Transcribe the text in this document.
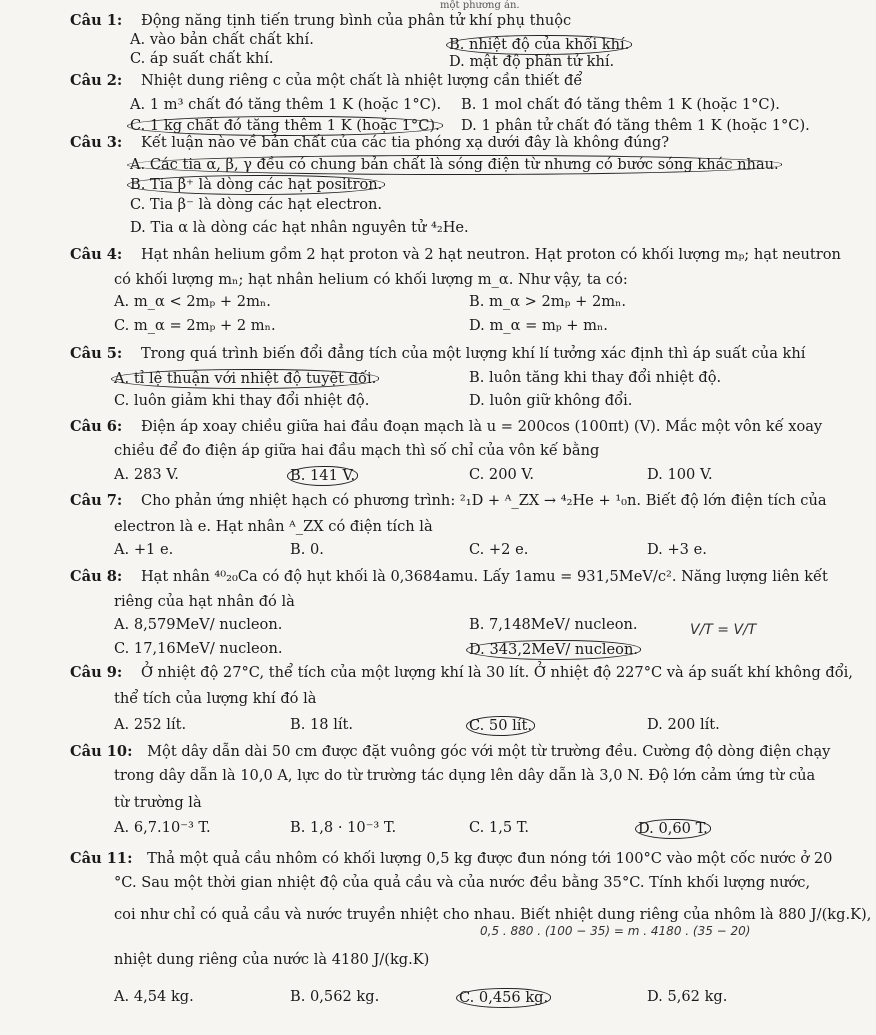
một phương án.
Câu 1: Động năng tịnh tiến trung bình của phân tử khí phụ thuộc
A. vào bản chất chất khí.	B. nhiệt độ của khối khí.
C. áp suất chất khí.	D. mật độ phân tử khí.
Câu 2: Nhiệt dung riêng c của một chất là nhiệt lượng cần thiết để
A. 1 m³ chất đó tăng thêm 1 K (hoặc 1°C). B. 1 mol chất đó tăng thêm 1 K (hoặc 1°C).
C. 1 kg chất đó tăng thêm 1 K (hoặc 1°C). D. 1 phân tử chất đó tăng thêm 1 K (hoặc 1°C).
Câu 3: Kết luận nào về bản chất của các tia phóng xạ dưới đây là không đúng?
A. Các tia α, β, γ đều có chung bản chất là sóng điện từ nhưng có bước sóng khác nhau.
B. Tia β⁺ là dòng các hạt positron.
C. Tia β⁻ là dòng các hạt electron.
D. Tia α là dòng các hạt nhân nguyên tử ⁴₂He.
Câu 4: Hạt nhân helium gồm 2 hạt proton và 2 hạt neutron. Hạt proton có khối lượng mₚ; hạt neutron
có khối lượng mₙ; hạt nhân helium có khối lượng m_α. Như vậy, ta có:
A. m_α < 2mₚ + 2mₙ.	B. m_α > 2mₚ + 2mₙ.
C. m_α = 2mₚ + 2 mₙ.	D. m_α = mₚ + mₙ.
Câu 5: Trong quá trình biến đổi đẳng tích của một lượng khí lí tưởng xác định thì áp suất của khí
A. tỉ lệ thuận với nhiệt độ tuyệt đối.	B. luôn tăng khi thay đổi nhiệt độ.
C. luôn giảm khi thay đổi nhiệt độ.	D. luôn giữ không đổi.
Câu 6: Điện áp xoay chiều giữa hai đầu đoạn mạch là u = 200cos (100πt) (V). Mắc một vôn kế xoay
chiều để đo điện áp giữa hai đầu mạch thì số chỉ của vôn kế bằng
A. 283 V.	B. 141 V.	C. 200 V.	D. 100 V.
Câu 7: Cho phản ứng nhiệt hạch có phương trình: ²₁D + ᴬ_ZX → ⁴₂He + ¹₀n. Biết độ lớn điện tích của
electron là e. Hạt nhân ᴬ_ZX có điện tích là
A. +1 e.	B. 0.	C. +2 e.	D. +3 e.
Câu 8: Hạt nhân ⁴⁰₂₀Ca có độ hụt khối là 0,3684amu. Lấy 1amu = 931,5MeV/c². Năng lượng liên kết
riêng của hạt nhân đó là
A. 8,579MeV/ nucleon.	B. 7,148MeV/ nucleon.
C. 17,16MeV/ nucleon.	D. 343,2MeV/ nucleon.
V/T = V/T
Câu 9: Ở nhiệt độ 27°C, thể tích của một lượng khí là 30 lít. Ở nhiệt độ 227°C và áp suất khí không đổi,
thể tích của lượng khí đó là
A. 252 lít.	B. 18 lít.	C. 50 lít.	D. 200 lít.
Câu 10: Một dây dẫn dài 50 cm được đặt vuông góc với một từ trường đều. Cường độ dòng điện chạy
trong dây dẫn là 10,0 A, lực do từ trường tác dụng lên dây dẫn là 3,0 N. Độ lớn cảm ứng từ của
từ trường là
A. 6,7.10⁻³ T.	B. 1,8 · 10⁻³ T.	C. 1,5 T.	D. 0,60 T.
Câu 11: Thả một quả cầu nhôm có khối lượng 0,5 kg được đun nóng tới 100°C vào một cốc nước ở 20
°C. Sau một thời gian nhiệt độ của quả cầu và của nước đều bằng 35°C. Tính khối lượng nước,
coi như chỉ có quả cầu và nước truyền nhiệt cho nhau. Biết nhiệt dung riêng của nhôm là 880 J/(kg.K),
0,5 . 880 . (100 − 35) = m . 4180 . (35 − 20)
nhiệt dung riêng của nước là 4180 J/(kg.K)
A. 4,54 kg.	B. 0,562 kg.	C. 0,456 kg.	D. 5,62 kg.
